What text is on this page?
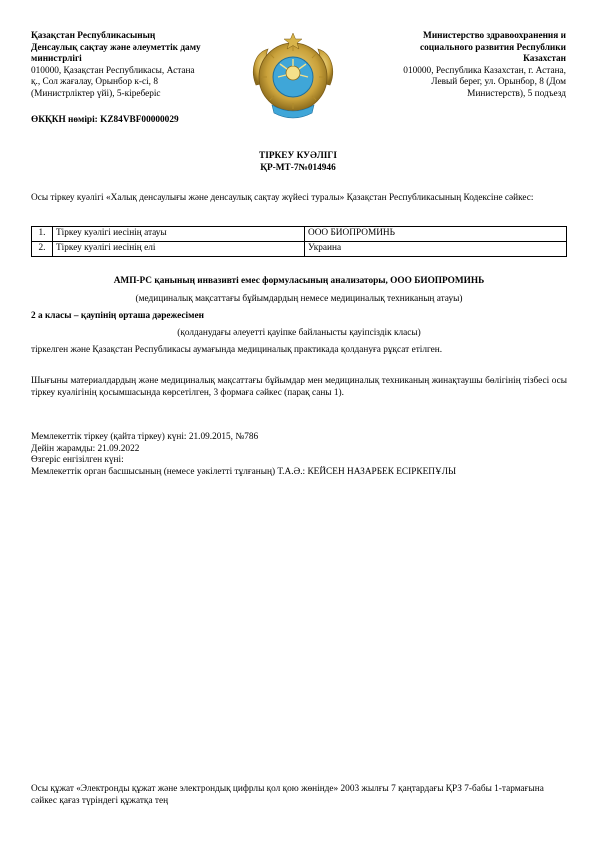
Қазақстан Республикасының
Денсаулық сақтау және әлеуметтік даму
министрлігі
010000, Қазақстан Республикасы, Астана
қ., Сол жағалау, Орынбор к-сі, 8
(Министрліктер үйі), 5-кіреберіс
Министерство здравоохранения и
социального развития Республики
Казахстан
010000, Республика Казахстан, г. Астана,
Левый берег, ул. Орынбор, 8 (Дом
Министерств), 5 подъезд
ӨКҚКН нөмірі: KZ84VBF00000029
ТІРКЕУ КУӘЛІГІ
ҚР-МТ-7№014946
Осы тіркеу куәлігі «Халық денсаулығы және денсаулық сақтау жүйесі туралы» Қазақстан Республикасының Кодексіне сәйкес:
1.	Тіркеу куәлігі иесінің атауы	ООО БИОПРОМИНЬ
2.	Тіркеу куәлігі иесінің елі	Украина
АМП-РС қанының инвазивті емес формуласының анализаторы, ООО БИОПРОМИНЬ
(медициналық мақсаттағы бұйымдардың немесе медициналық техниканың атауы)
2 а класы – қаупінің орташа дәрежесімен
(қолданудағы әлеуетті қауіпке байланысты қауіпсіздік класы)
тіркелген және Қазақстан Республикасы аумағында медициналық практикада қолдануға рұқсат етілген.
Шығыны материалдардың және медициналық мақсаттағы бұйымдар мен медициналық техниканың жинақтаушы бөлігінің тізбесі осы тіркеу куәлігінің қосымшасында көрсетілген, 3 формаға сәйкес (парақ саны 1).
Мемлекеттік тіркеу (қайта тіркеу) күні: 21.09.2015, №786
Дейін жарамды: 21.09.2022
Өзгеріс енгізілген күні:
Мемлекеттік орган басшысының (немесе уәкілетті тұлғаның) Т.А.Ә.: КЕЙСЕН НАЗАРБЕК ЕСІРКЕПҰЛЫ
Осы құжат «Электронды құжат және электрондық цифрлы қол қою жөнінде» 2003 жылғы 7 қаңтардағы ҚРЗ 7-бабы 1-тармағына сәйкес қағаз түріндегі құжатқа тең
